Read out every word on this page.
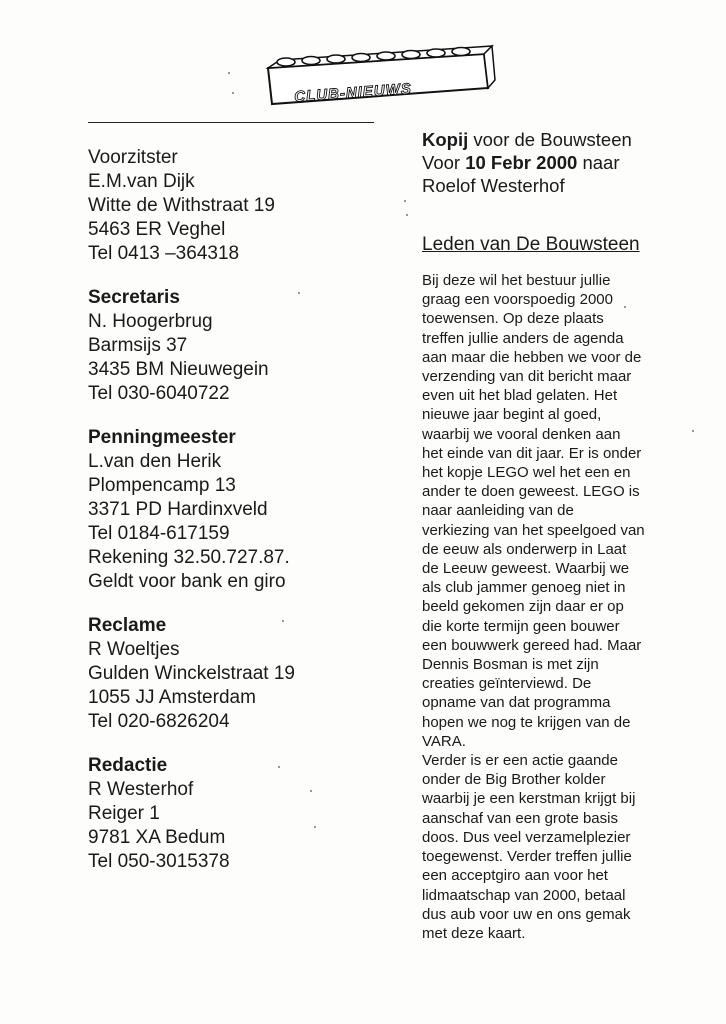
CLUB-NIEUWS
Voorzitster
E.M.van Dijk
Witte de Withstraat 19
5463 ER Veghel
Tel 0413 –364318
Secretaris
N. Hoogerbrug
Barmsijs 37
3435 BM Nieuwegein
Tel 030-6040722
Penningmeester
L.van den Herik
Plompencamp 13
3371 PD Hardinxveld
Tel 0184-617159
Rekening 32.50.727.87.
Geldt voor bank en giro
Reclame
R Woeltjes
Gulden Winckelstraat 19
1055 JJ Amsterdam
Tel 020-6826204
Redactie
R Westerhof
Reiger 1
9781 XA Bedum
Tel 050-3015378
Kopij voor de Bouwsteen
Voor 10 Febr 2000 naar
Roelof Westerhof
Leden van De Bouwsteen
Bij deze wil het bestuur jullie
graag een voorspoedig 2000
toewensen. Op deze plaats
treffen jullie anders de agenda
aan maar die hebben we voor de
verzending van dit bericht maar
even uit het blad gelaten. Het
nieuwe jaar begint al goed,
waarbij we vooral denken aan
het einde van dit jaar. Er is onder
het kopje LEGO wel het een en
ander te doen geweest. LEGO is
naar aanleiding van de
verkiezing van het speelgoed van
de eeuw als onderwerp in Laat
de Leeuw geweest. Waarbij we
als club jammer genoeg niet in
beeld gekomen zijn daar er op
die korte termijn geen bouwer
een bouwwerk gereed had. Maar
Dennis Bosman is met zijn
creaties geïnterviewd. De
opname van dat programma
hopen we nog te krijgen van de
VARA.
Verder is er een actie gaande
onder de Big Brother kolder
waarbij je een kerstman krijgt bij
aanschaf van een grote basis
doos. Dus veel verzamelplezier
toegewenst. Verder treffen jullie
een acceptgiro aan voor het
lidmaatschap van 2000, betaal
dus aub voor uw en ons gemak
met deze kaart.
